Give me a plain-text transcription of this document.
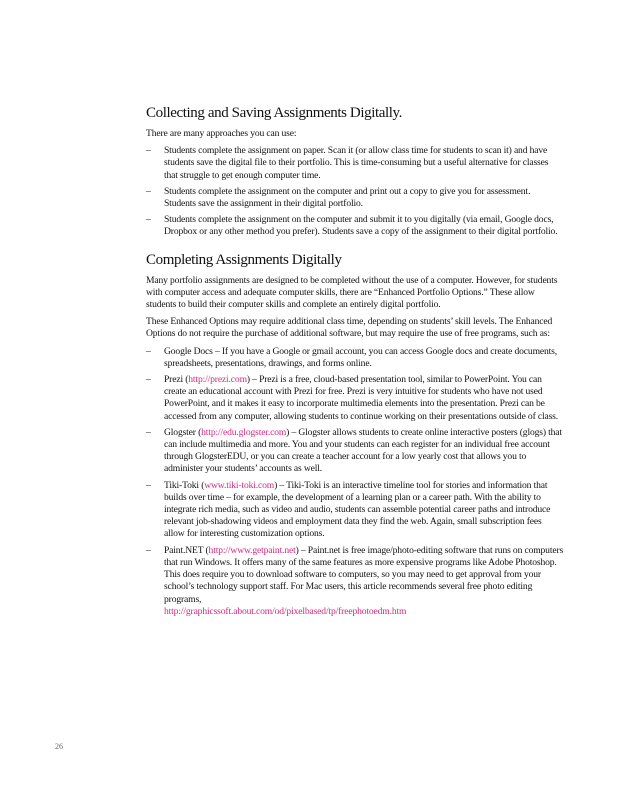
Collecting and Saving Assignments Digitally.

There are many approaches you can use:

– Students complete the assignment on paper. Scan it (or allow class time for students to scan it) and have students save the digital file to their portfolio. This is time-consuming but a useful alternative for classes that struggle to get enough computer time.
– Students complete the assignment on the computer and print out a copy to give you for assessment. Students save the assignment in their digital portfolio.
– Students complete the assignment on the computer and submit it to you digitally (via email, Google docs, Dropbox or any other method you prefer). Students save a copy of the assignment to their digital portfolio.
Completing Assignments Digitally

Many portfolio assignments are designed to be completed without the use of a computer. However, for students with computer access and adequate computer skills, there are “Enhanced Portfolio Options.” These allow students to build their computer skills and complete an entirely digital portfolio.

These Enhanced Options may require additional class time, depending on students’ skill levels. The Enhanced Options do not require the purchase of additional software, but may require the use of free programs, such as:

– Google Docs – If you have a Google or gmail account, you can access Google docs and create documents, spreadsheets, presentations, drawings, and forms online.
– Prezi (http://prezi.com) – Prezi is a free, cloud-based presentation tool, similar to PowerPoint. You can create an educational account with Prezi for free. Prezi is very intuitive for students who have not used PowerPoint, and it makes it easy to incorporate multimedia elements into the presentation. Prezi can be accessed from any computer, allowing students to continue working on their presentations outside of class.
– Glogster (http://edu.glogster.com) – Glogster allows students to create online interactive posters (glogs) that can include multimedia and more. You and your students can each register for an individual free account through GlogsterEDU, or you can create a teacher account for a low yearly cost that allows you to administer your students’ accounts as well.
– Tiki-Toki (www.tiki-toki.com) – Tiki-Toki is an interactive timeline tool for stories and information that builds over time – for example, the development of a learning plan or a career path. With the ability to integrate rich media, such as video and audio, students can assemble potential career paths and introduce relevant job-shadowing videos and employment data they find the web. Again, small subscription fees allow for interesting customization options.
– Paint.NET (http://www.getpaint.net) – Paint.net is free image/photo-editing software that runs on computers that run Windows. It offers many of the same features as more expensive programs like Adobe Photoshop. This does require you to download software to computers, so you may need to get approval from your school’s technology support staff. For Mac users, this article recommends several free photo editing programs,
http://graphicssoft.about.com/od/pixelbased/tp/freephotoedm.htm
26
